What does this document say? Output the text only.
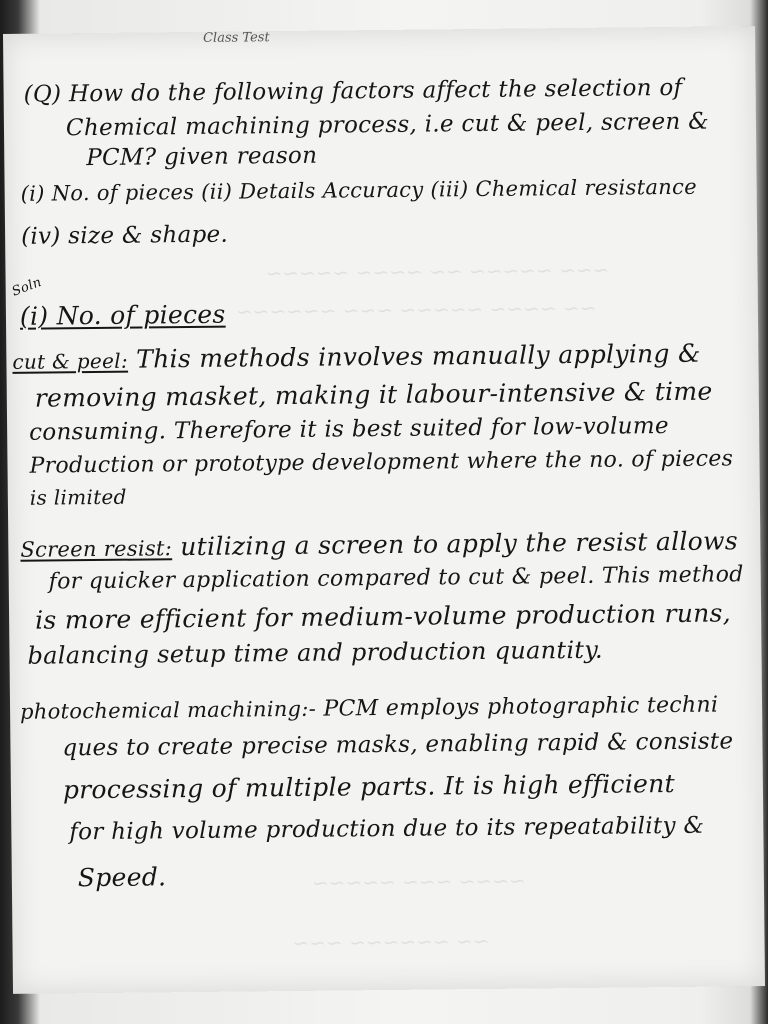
~~~ ~~~~~ ~~ ~~~~ ~~~~~
~~ ~~~~ ~~~~~ ~~~ ~~~~~~
~~~~ ~~~ ~~~~~
~~ ~~~~~~ ~~~
Class Test
(Q) How do the following factors affect the selection of
Chemical machining process, i.e cut & peel, screen &
PCM? given reason
(i) No. of pieces (ii) Details Accuracy (iii) Chemical resistance
(iv) size & shape.
Soln
(i) No. of pieces
cut & peel: This methods involves manually applying &
removing masket, making it labour-intensive & time
consuming. Therefore it is best suited for low-volume
Production or prototype development where the no. of pieces
is limited
Screen resist: utilizing a screen to apply the resist allows
for quicker application compared to cut & peel. This method
is more efficient for medium-volume production runs,
balancing setup time and production quantity.
photochemical machining:- PCM employs photographic techni
ques to create precise masks, enabling rapid & consiste
processing of multiple parts. It is high efficient
for high volume production due to its repeatability &
Speed.
